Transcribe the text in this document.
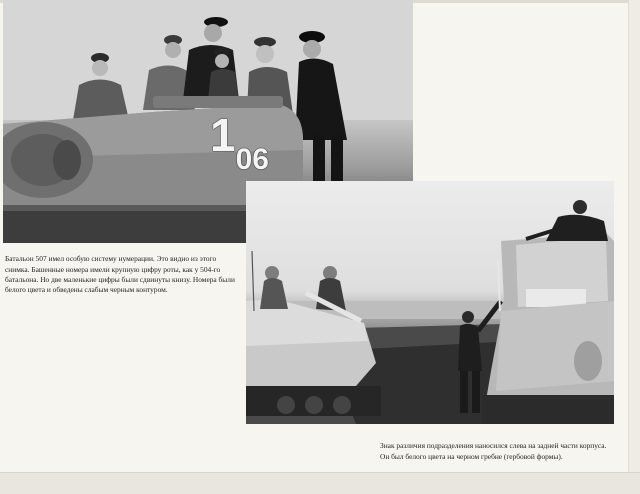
106

Батальон 507 имел особую систему нумерации. Это видно из этого снимка. Башенные номера имели крупную цифру роты, как у 504-го батальона. Но две маленькие цифры были сдвинуты книзу. Номера были белого цвета и обведены слабым черным контуром.

Знак различия подразделения наносился слева на задней части корпуса. Он был белого цвета на черном гребне (гербовой формы).
